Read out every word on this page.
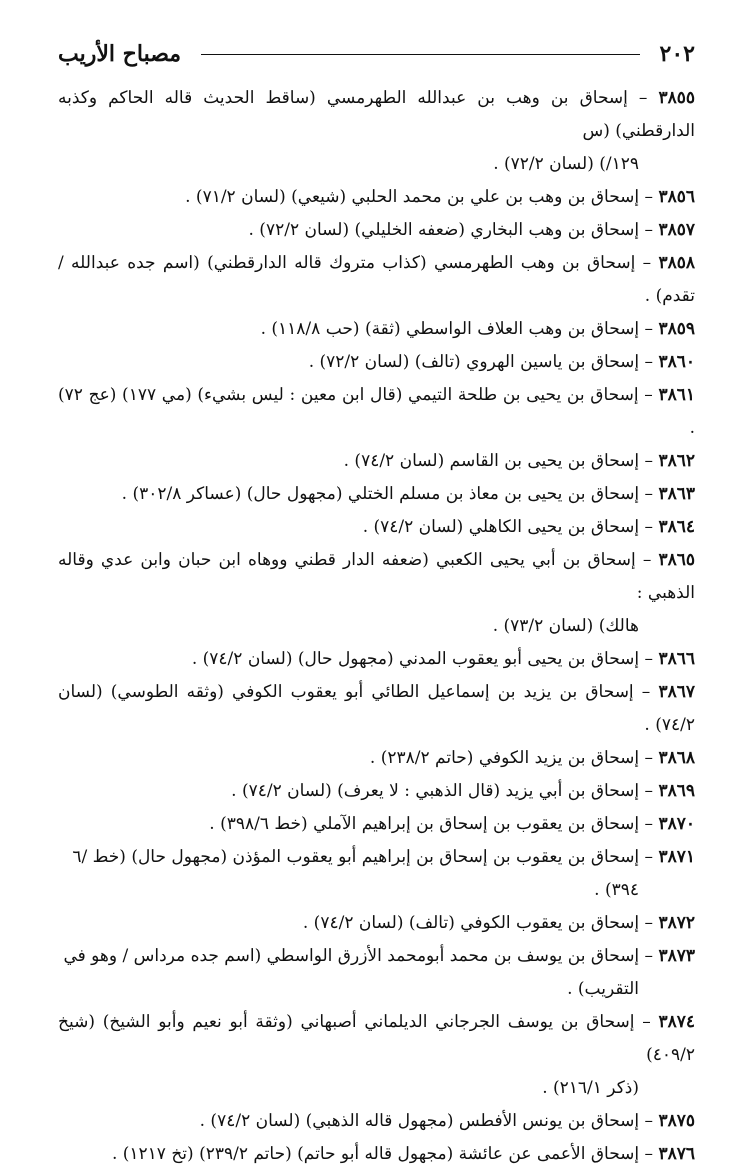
٢٠٢
مصباح الأريب
٣٨٥٥ – إسحاق بن وهب بن عبدالله الطهرمسي (ساقط الحديث قاله الحاكم وكذبه الدارقطني) (س
١٢٩/) (لسان ٧٢/٢) .
٣٨٥٦ – إسحاق بن وهب بن علي بن محمد الحلبي (شيعي) (لسان ٧١/٢) .
٣٨٥٧ – إسحاق بن وهب البخاري (ضعفه الخليلي) (لسان ٧٢/٢) .
٣٨٥٨ – إسحاق بن وهب الطهرمسي (كذاب متروك قاله الدارقطني) (اسم جده عبدالله / تقدم) .
٣٨٥٩ – إسحاق بن وهب العلاف الواسطي (ثقة) (حب ١١٨/٨) .
٣٨٦٠ – إسحاق بن ياسين الهروي (تالف) (لسان ٧٢/٢) .
٣٨٦١ – إسحاق بن يحيى بن طلحة التيمي (قال ابن معين : ليس بشيء) (مي ١٧٧) (عج ٧٢) .
٣٨٦٢ – إسحاق بن يحيى بن القاسم (لسان ٧٤/٢) .
٣٨٦٣ – إسحاق بن يحيى بن معاذ بن مسلم الختلي (مجهول حال) (عساكر ٣٠٢/٨) .
٣٨٦٤ – إسحاق بن يحيى الكاهلي (لسان ٧٤/٢) .
٣٨٦٥ – إسحاق بن أبي يحيى الكعبي (ضعفه الدار قطني ووهاه ابن حبان وابن عدي وقاله الذهبي :
هالك) (لسان ٧٣/٢) .
٣٨٦٦ – إسحاق بن يحيى أبو يعقوب المدني (مجهول حال) (لسان ٧٤/٢) .
٣٨٦٧ – إسحاق بن يزيد بن إسماعيل الطائي أبو يعقوب الكوفي (وثقه الطوسي) (لسان ٧٤/٢) .
٣٨٦٨ – إسحاق بن يزيد الكوفي (حاتم ٢٣٨/٢) .
٣٨٦٩ – إسحاق بن أبي يزيد (قال الذهبي : لا يعرف) (لسان ٧٤/٢) .
٣٨٧٠ – إسحاق بن يعقوب بن إسحاق بن إبراهيم الآملي (خط ٣٩٨/٦) .
٣٨٧١ – إسحاق بن يعقوب بن إسحاق بن إبراهيم أبو يعقوب المؤذن (مجهول حال) (خط /٦
٣٩٤) .
٣٨٧٢ – إسحاق بن يعقوب الكوفي (تالف) (لسان ٧٤/٢) .
٣٨٧٣ – إسحاق بن يوسف بن محمد أبومحمد الأزرق الواسطي (اسم جده مرداس / وهو في
التقريب) .
٣٨٧٤ – إسحاق بن يوسف الجرجاني الديلماني أصبهاني (وثقة أبو نعيم وأبو الشيخ) (شيخ ٤٠٩/٢)
(ذكر ٢١٦/١) .
٣٨٧٥ – إسحاق بن يونس الأفطس (مجهول قاله الذهبي) (لسان ٧٤/٢) .
٣٨٧٦ – إسحاق الأعمى عن عائشة (مجهول قاله أبو حاتم) (حاتم ٢٣٩/٢) (تخ ١٢١٧) .
